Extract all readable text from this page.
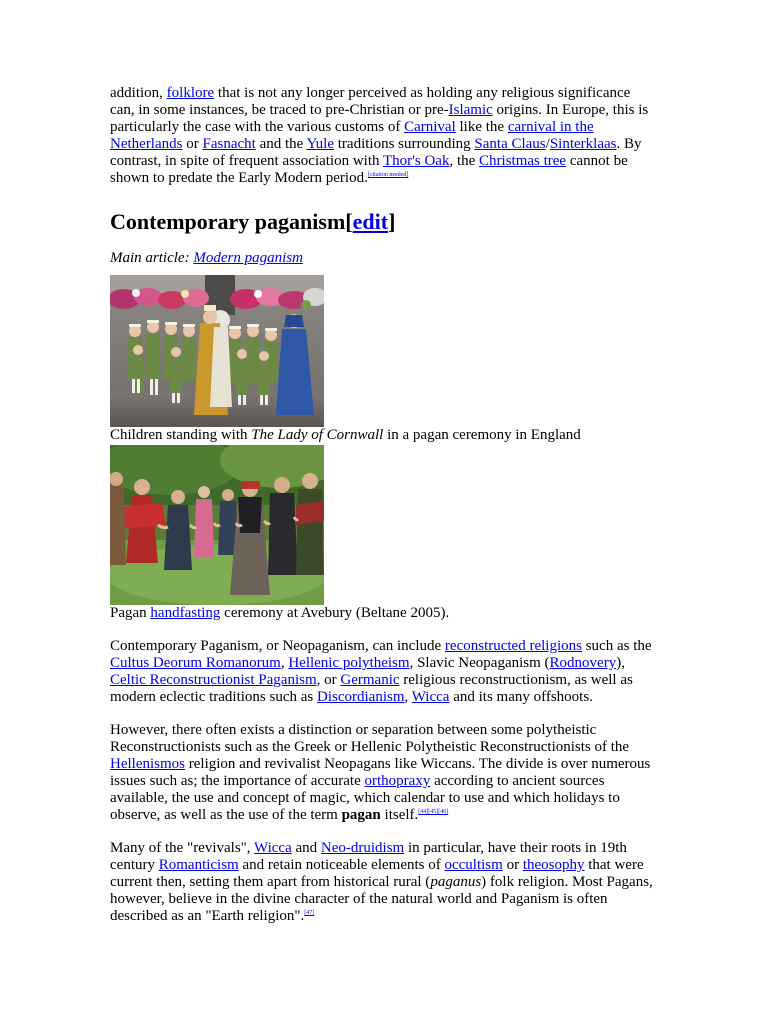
addition, folklore that is not any longer perceived as holding any religious significance can, in some instances, be traced to pre-Christian or pre-Islamic origins. In Europe, this is particularly the case with the various customs of Carnival like the carnival in the Netherlands or Fasnacht and the Yule traditions surrounding Santa Claus/Sinterklaas. By contrast, in spite of frequent association with Thor's Oak, the Christmas tree cannot be shown to predate the Early Modern period.[citation needed]

Contemporary paganism[edit]

Main article: Modern paganism

Children standing with The Lady of Cornwall in a pagan ceremony in England

Pagan handfasting ceremony at Avebury (Beltane 2005).

Contemporary Paganism, or Neopaganism, can include reconstructed religions such as the Cultus Deorum Romanorum, Hellenic polytheism, Slavic Neopaganism (Rodnovery), Celtic Reconstructionist Paganism, or Germanic religious reconstructionism, as well as modern eclectic traditions such as Discordianism, Wicca and its many offshoots.

However, there often exists a distinction or separation between some polytheistic Reconstructionists such as the Greek or Hellenic Polytheistic Reconstructionists of the Hellenismos religion and revivalist Neopagans like Wiccans. The divide is over numerous issues such as; the importance of accurate orthopraxy according to ancient sources available, the use and concept of magic, which calendar to use and which holidays to observe, as well as the use of the term pagan itself.[44][45][46]

Many of the "revivals", Wicca and Neo-druidism in particular, have their roots in 19th century Romanticism and retain noticeable elements of occultism or theosophy that were current then, setting them apart from historical rural (paganus) folk religion. Most Pagans, however, believe in the divine character of the natural world and Paganism is often described as an "Earth religion".[47]
